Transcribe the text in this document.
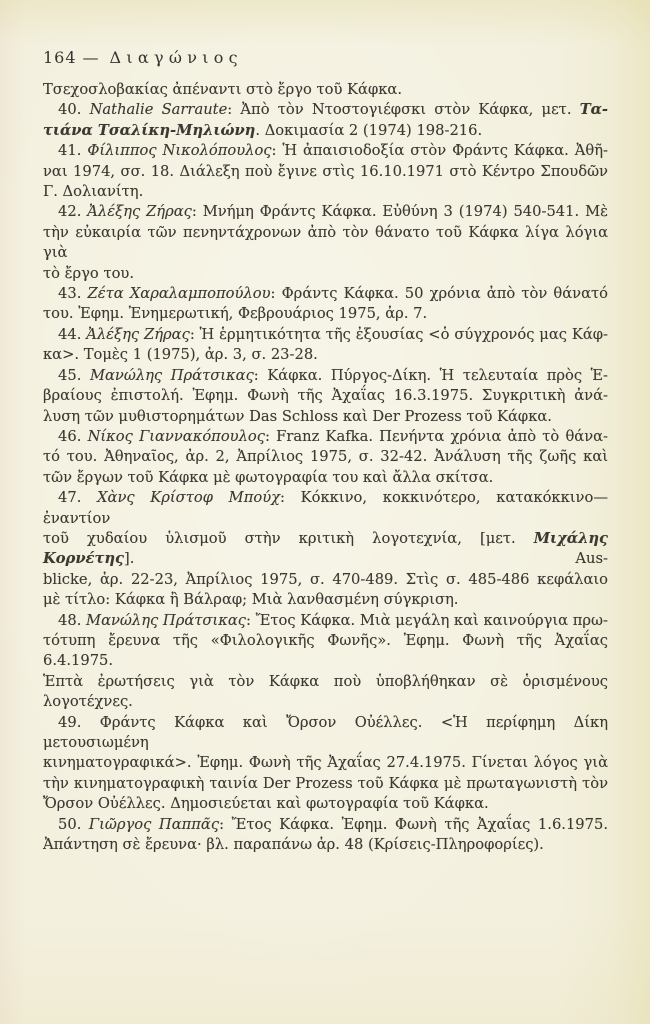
164 — Διαγώνιος
Τσεχοσλοβακίας ἀπέναντι στὸ ἔργο τοῦ Κάφκα.
40. Nathalie Sarraute: Ἀπὸ τὸν Ντοστογιέφσκι στὸν Κάφκα, μετ. Τα-
τιάνα Τσαλίκη-Μηλιώνη. Δοκιμασία 2 (1974) 198-216.
41. Φίλιππος Νικολόπουλος: Ἡ ἀπαισιοδοξία στὸν Φράντς Κάφκα. Ἀθῆ-
ναι 1974, σσ. 18. Διάλεξη ποὺ ἔγινε στὶς 16.10.1971 στὸ Κέντρο Σπουδῶν
Γ. Δολιανίτη.
42. Ἀλέξης Ζήρας: Μνήμη Φράντς Κάφκα. Εὐθύνη 3 (1974) 540-541. Μὲ
τὴν εὐκαιρία τῶν πενηντάχρονων ἀπὸ τὸν θάνατο τοῦ Κάφκα λίγα λόγια γιὰ
τὸ ἔργο του.
43. Ζέτα Χαραλαμποπούλου: Φράντς Κάφκα. 50 χρόνια ἀπὸ τὸν θάνατό
του. Ἐφημ. Ἐνημερωτική, Φεβρουάριος 1975, ἀρ. 7.
44. Ἀλέξης Ζήρας: Ἡ ἑρμητικότητα τῆς ἐξουσίας <ὁ σύγχρονός μας Κάφ-
κα>. Τομὲς 1 (1975), ἀρ. 3, σ. 23-28.
45. Μανώλης Πράτσικας: Κάφκα. Πύργος-Δίκη. Ἡ τελευταία πρὸς Ἑ-
βραίους ἐπιστολή. Ἐφημ. Φωνὴ τῆς Ἀχαΐας 16.3.1975. Συγκριτικὴ ἀνά-
λυση τῶν μυθιστορημάτων Das Schloss καὶ Der Prozess τοῦ Κάφκα.
46. Νίκος Γιαννακόπουλος: Franz Kafka. Πενήντα χρόνια ἀπὸ τὸ θάνα-
τό του. Ἀθηναῖος, ἀρ. 2, Ἀπρίλιος 1975, σ. 32-42. Ἀνάλυση τῆς ζωῆς καὶ
τῶν ἔργων τοῦ Κάφκα μὲ φωτογραφία του καὶ ἄλλα σκίτσα.
47. Χὰνς Κρίστοφ Μπούχ: Κόκκινο, κοκκινότερο, κατακόκκινο—ἐναντίον
τοῦ χυδαίου ὑλισμοῦ στὴν κριτικὴ λογοτεχνία, [μετ. Μιχάλης Κορνέτης]. Aus-
blicke, ἀρ. 22-23, Ἀπρίλιος 1975, σ. 470-489. Στὶς σ. 485-486 κεφάλαιο
μὲ τίτλο: Κάφκα ἢ Βάλραφ; Μιὰ λανθασμένη σύγκριση.
48. Μανώλης Πράτσικας: Ἔτος Κάφκα. Μιὰ μεγάλη καὶ καινούργια πρω-
τότυπη ἔρευνα τῆς «Φιλολογικῆς Φωνῆς». Ἐφημ. Φωνὴ τῆς Ἀχαΐας 6.4.1975.
Ἑπτὰ ἐρωτήσεις γιὰ τὸν Κάφκα ποὺ ὑποβλήθηκαν σὲ ὁρισμένους λογοτέχνες.
49. Φράντς Κάφκα καὶ Ὄρσον Οὐέλλες. <Ἡ περίφημη Δίκη μετουσιωμένη
κινηματογραφικά>. Ἐφημ. Φωνὴ τῆς Ἀχαΐας 27.4.1975. Γίνεται λόγος γιὰ
τὴν κινηματογραφικὴ ταινία Der Prozess τοῦ Κάφκα μὲ πρωταγωνιστὴ τὸν
Ὄρσον Οὐέλλες. Δημοσιεύεται καὶ φωτογραφία τοῦ Κάφκα.
50. Γιῶργος Παππᾶς: Ἔτος Κάφκα. Ἐφημ. Φωνὴ τῆς Ἀχαΐας 1.6.1975.
Ἀπάντηση σὲ ἔρευνα· βλ. παραπάνω ἀρ. 48 (Κρίσεις-Πληροφορίες).
